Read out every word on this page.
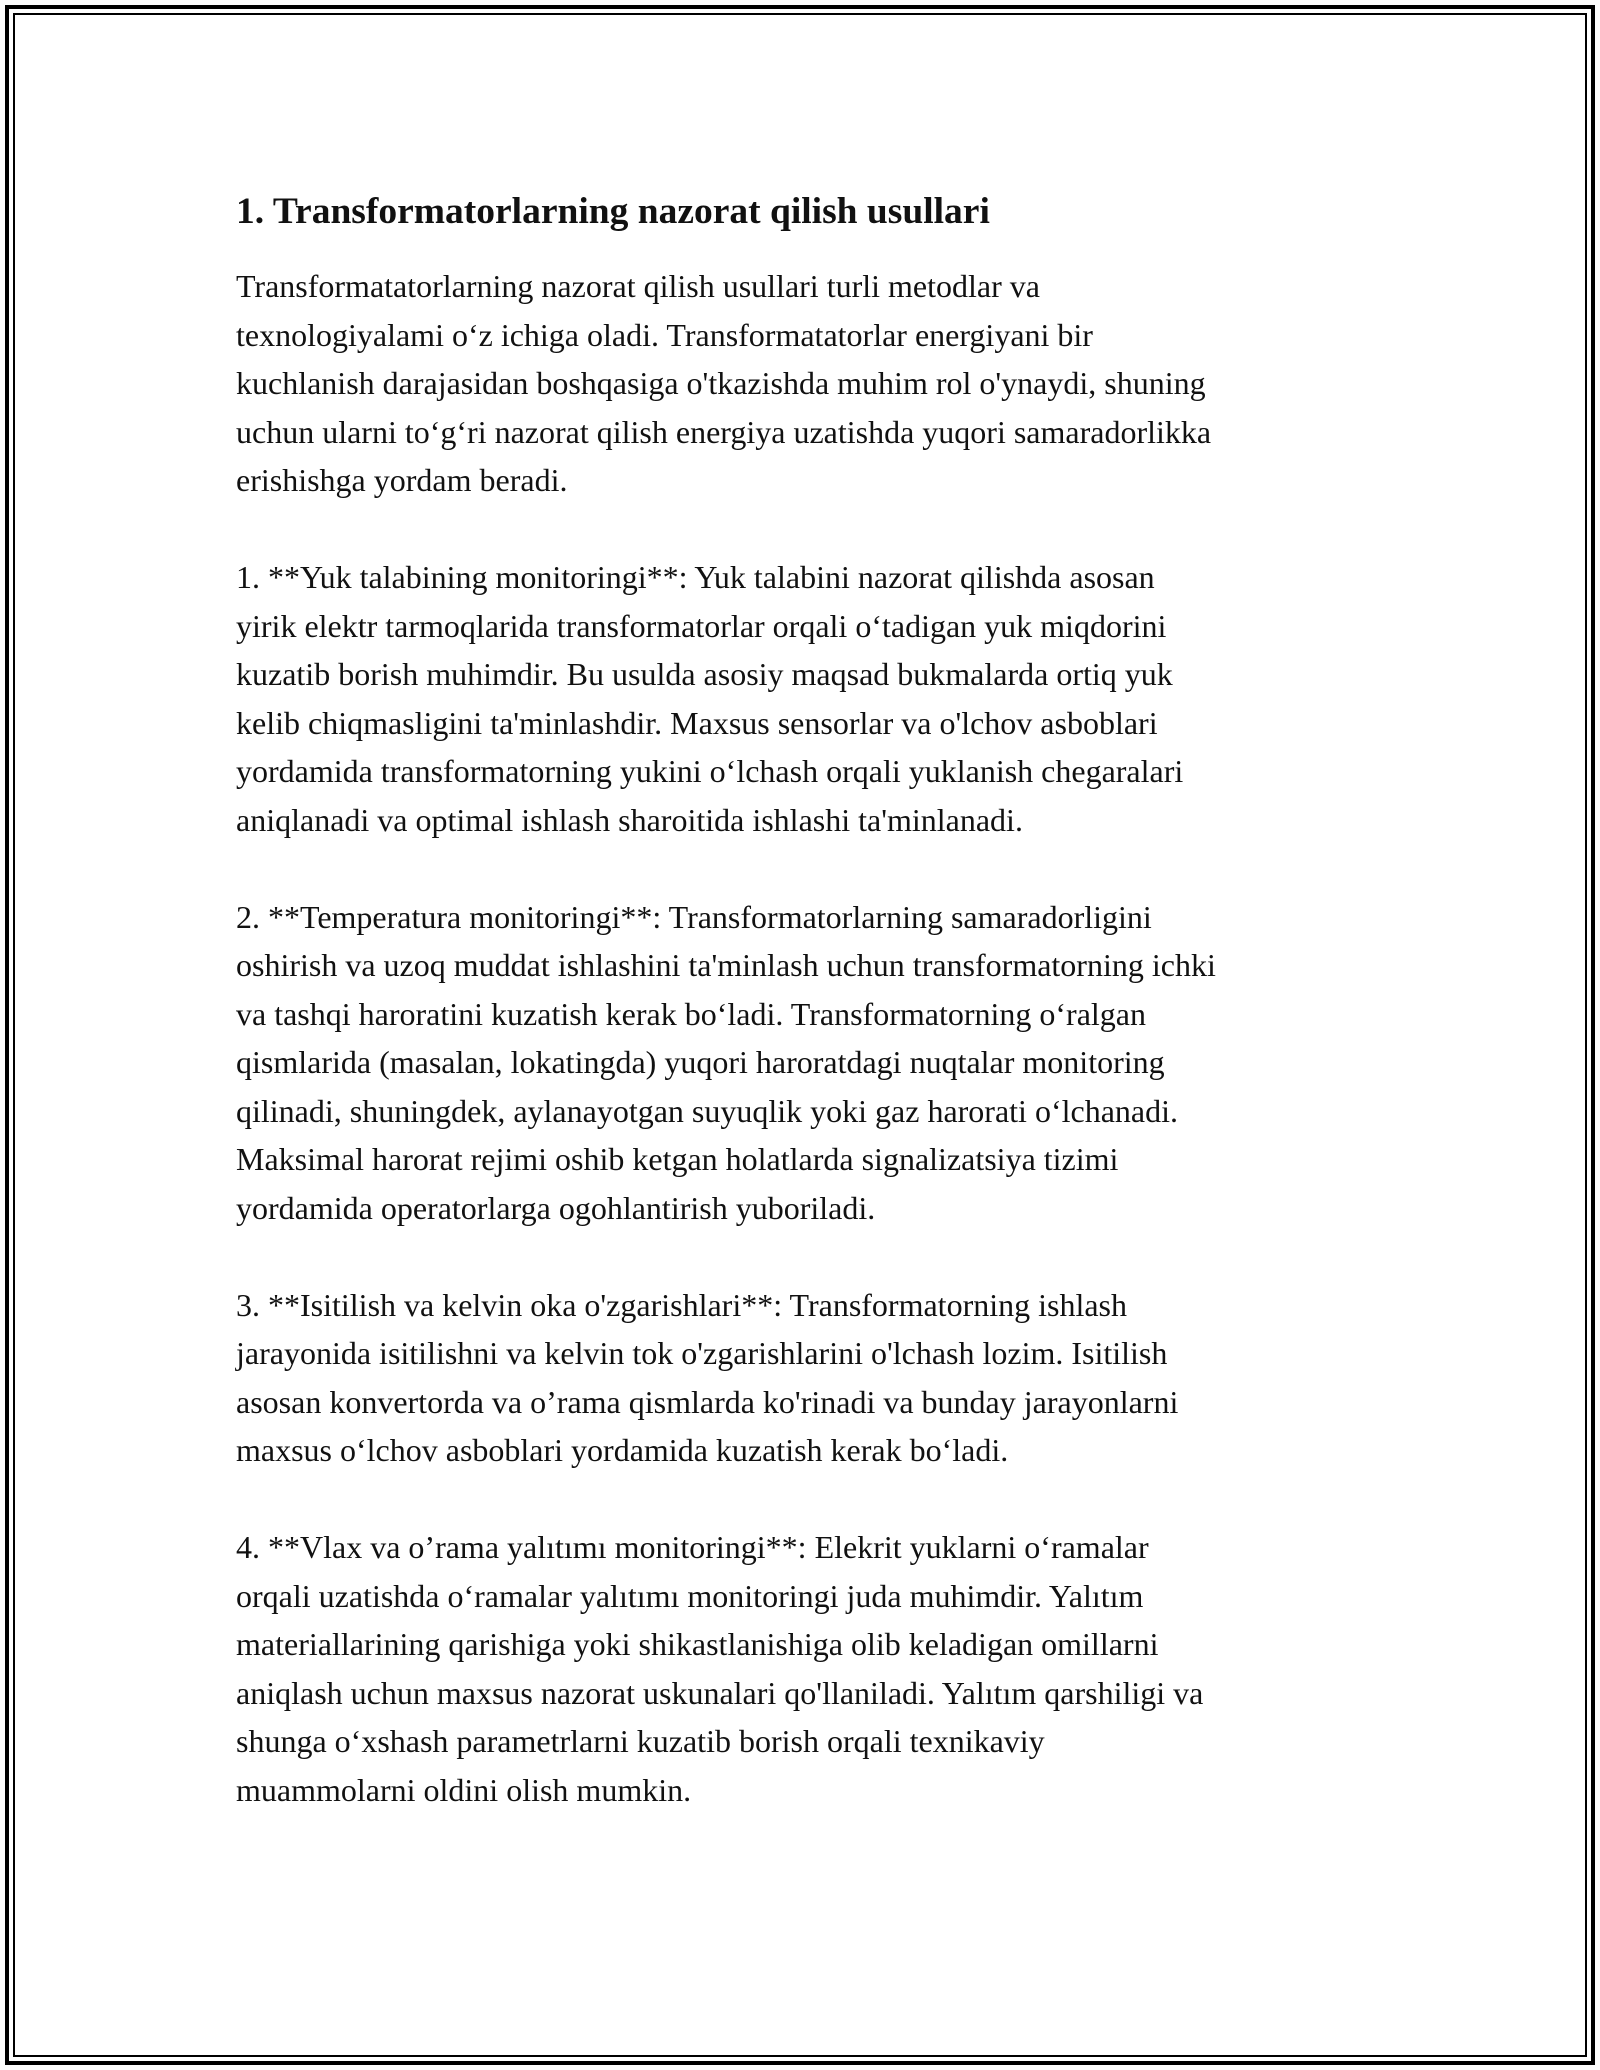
1. Transformatorlarning nazorat qilish usullari

Transformatatorlarning nazorat qilish usullari turli metodlar va
texnologiyalami o‘z ichiga oladi. Transformatatorlar energiyani bir
kuchlanish darajasidan boshqasiga o'tkazishda muhim rol o'ynaydi, shuning
uchun ularni to‘g‘ri nazorat qilish energiya uzatishda yuqori samaradorlikka
erishishga yordam beradi.

1. **Yuk talabining monitoringi**: Yuk talabini nazorat qilishda asosan
yirik elektr tarmoqlarida transformatorlar orqali o‘tadigan yuk miqdorini
kuzatib borish muhimdir. Bu usulda asosiy maqsad bukmalarda ortiq yuk
kelib chiqmasligini ta'minlashdir. Maxsus sensorlar va o'lchov asboblari
yordamida transformatorning yukini o‘lchash orqali yuklanish chegaralari
aniqlanadi va optimal ishlash sharoitida ishlashi ta'minlanadi.

2. **Temperatura monitoringi**: Transformatorlarning samaradorligini
oshirish va uzoq muddat ishlashini ta'minlash uchun transformatorning ichki
va tashqi haroratini kuzatish kerak bo‘ladi. Transformatorning o‘ralgan
qismlarida (masalan, lokatingda) yuqori haroratdagi nuqtalar monitoring
qilinadi, shuningdek, aylanayotgan suyuqlik yoki gaz harorati o‘lchanadi.
Maksimal harorat rejimi oshib ketgan holatlarda signalizatsiya tizimi
yordamida operatorlarga ogohlantirish yuboriladi.

3. **Isitilish va kelvin oka o'zgarishlari**: Transformatorning ishlash
jarayonida isitilishni va kelvin tok o'zgarishlarini o'lchash lozim. Isitilish
asosan konvertorda va o’rama qismlarda ko'rinadi va bunday jarayonlarni
maxsus o‘lchov asboblari yordamida kuzatish kerak bo‘ladi.

4. **Vlax va o’rama yalıtımı monitoringi**: Elekrit yuklarni o‘ramalar
orqali uzatishda o‘ramalar yalıtımı monitoringi juda muhimdir. Yalıtım
materiallarining qarishiga yoki shikastlanishiga olib keladigan omillarni
aniqlash uchun maxsus nazorat uskunalari qo'llaniladi. Yalıtım qarshiligi va
shunga o‘xshash parametrlarni kuzatib borish orqali texnikaviy
muammolarni oldini olish mumkin.
